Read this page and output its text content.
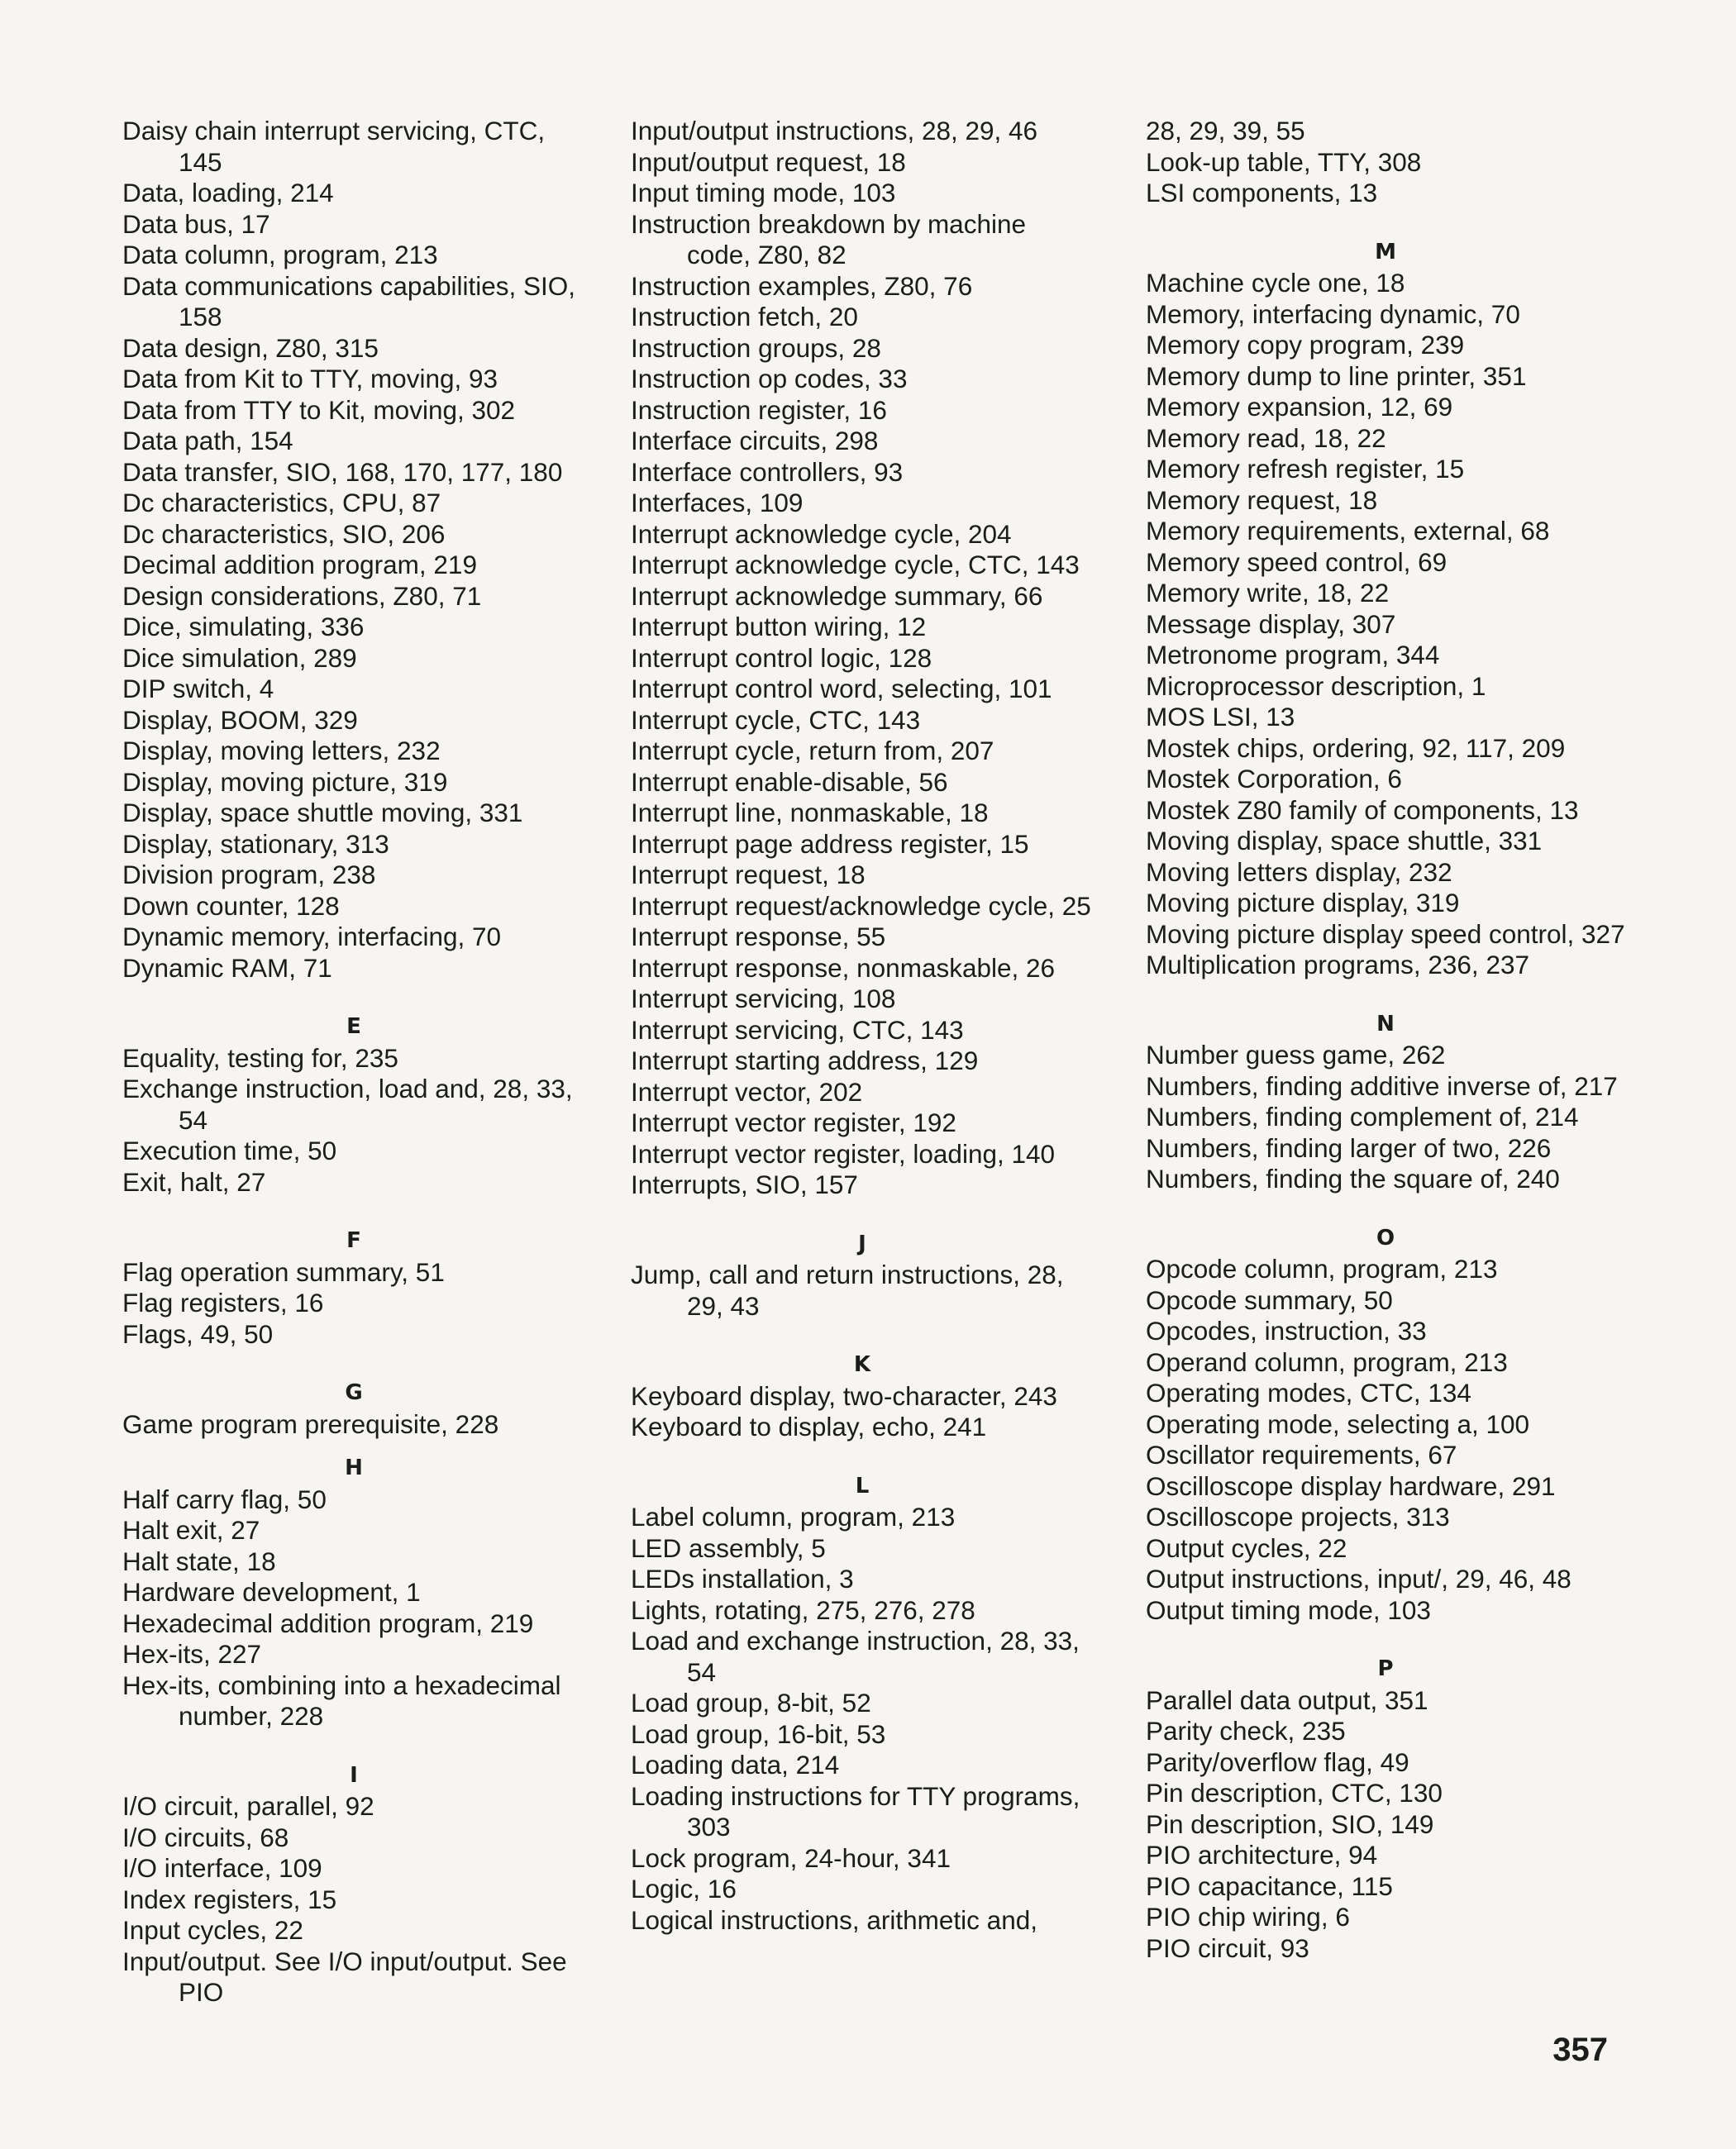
Daisy chain interrupt servicing, CTC, 145
Data, loading, 214
Data bus, 17
Data column, program, 213
Data communications capabilities, SIO, 158
Data design, Z80, 315
Data from Kit to TTY, moving, 93
Data from TTY to Kit, moving, 302
Data path, 154
Data transfer, SIO, 168, 170, 177, 180
Dc characteristics, CPU, 87
Dc characteristics, SIO, 206
Decimal addition program, 219
Design considerations, Z80, 71
Dice, simulating, 336
Dice simulation, 289
DIP switch, 4
Display, BOOM, 329
Display, moving letters, 232
Display, moving picture, 319
Display, space shuttle moving, 331
Display, stationary, 313
Division program, 238
Down counter, 128
Dynamic memory, interfacing, 70
Dynamic RAM, 71
E
Equality, testing for, 235
Exchange instruction, load and, 28, 33, 54
Execution time, 50
Exit, halt, 27
F
Flag operation summary, 51
Flag registers, 16
Flags, 49, 50
G
Game program prerequisite, 228
H
Half carry flag, 50
Halt exit, 27
Halt state, 18
Hardware development, 1
Hexadecimal addition program, 219
Hex-its, 227
Hex-its, combining into a hexadecimal number, 228
I
I/O circuit, parallel, 92
I/O circuits, 68
I/O interface, 109
Index registers, 15
Input cycles, 22
Input/output. See I/O input/output. See PIO
Input/output instructions, 28, 29, 46
Input/output request, 18
Input timing mode, 103
Instruction breakdown by machine code, Z80, 82
Instruction examples, Z80, 76
Instruction fetch, 20
Instruction groups, 28
Instruction op codes, 33
Instruction register, 16
Interface circuits, 298
Interface controllers, 93
Interfaces, 109
Interrupt acknowledge cycle, 204
Interrupt acknowledge cycle, CTC, 143
Interrupt acknowledge summary, 66
Interrupt button wiring, 12
Interrupt control logic, 128
Interrupt control word, selecting, 101
Interrupt cycle, CTC, 143
Interrupt cycle, return from, 207
Interrupt enable-disable, 56
Interrupt line, nonmaskable, 18
Interrupt page address register, 15
Interrupt request, 18
Interrupt request/acknowledge cycle, 25
Interrupt response, 55
Interrupt response, nonmaskable, 26
Interrupt servicing, 108
Interrupt servicing, CTC, 143
Interrupt starting address, 129
Interrupt vector, 202
Interrupt vector register, 192
Interrupt vector register, loading, 140
Interrupts, SIO, 157
J
Jump, call and return instructions, 28, 29, 43
K
Keyboard display, two-character, 243
Keyboard to display, echo, 241
L
Label column, program, 213
LED assembly, 5
LEDs installation, 3
Lights, rotating, 275, 276, 278
Load and exchange instruction, 28, 33, 54
Load group, 8-bit, 52
Load group, 16-bit, 53
Loading data, 214
Loading instructions for TTY programs, 303
Lock program, 24-hour, 341
Logic, 16
Logical instructions, arithmetic and,
28, 29, 39, 55
Look-up table, TTY, 308
LSI components, 13
M
Machine cycle one, 18
Memory, interfacing dynamic, 70
Memory copy program, 239
Memory dump to line printer, 351
Memory expansion, 12, 69
Memory read, 18, 22
Memory refresh register, 15
Memory request, 18
Memory requirements, external, 68
Memory speed control, 69
Memory write, 18, 22
Message display, 307
Metronome program, 344
Microprocessor description, 1
MOS LSI, 13
Mostek chips, ordering, 92, 117, 209
Mostek Corporation, 6
Mostek Z80 family of components, 13
Moving display, space shuttle, 331
Moving letters display, 232
Moving picture display, 319
Moving picture display speed control, 327
Multiplication programs, 236, 237
N
Number guess game, 262
Numbers, finding additive inverse of, 217
Numbers, finding complement of, 214
Numbers, finding larger of two, 226
Numbers, finding the square of, 240
O
Opcode column, program, 213
Opcode summary, 50
Opcodes, instruction, 33
Operand column, program, 213
Operating modes, CTC, 134
Operating mode, selecting a, 100
Oscillator requirements, 67
Oscilloscope display hardware, 291
Oscilloscope projects, 313
Output cycles, 22
Output instructions, input/, 29, 46, 48
Output timing mode, 103
P
Parallel data output, 351
Parity check, 235
Parity/overflow flag, 49
Pin description, CTC, 130
Pin description, SIO, 149
PIO architecture, 94
PIO capacitance, 115
PIO chip wiring, 6
PIO circuit, 93
357
